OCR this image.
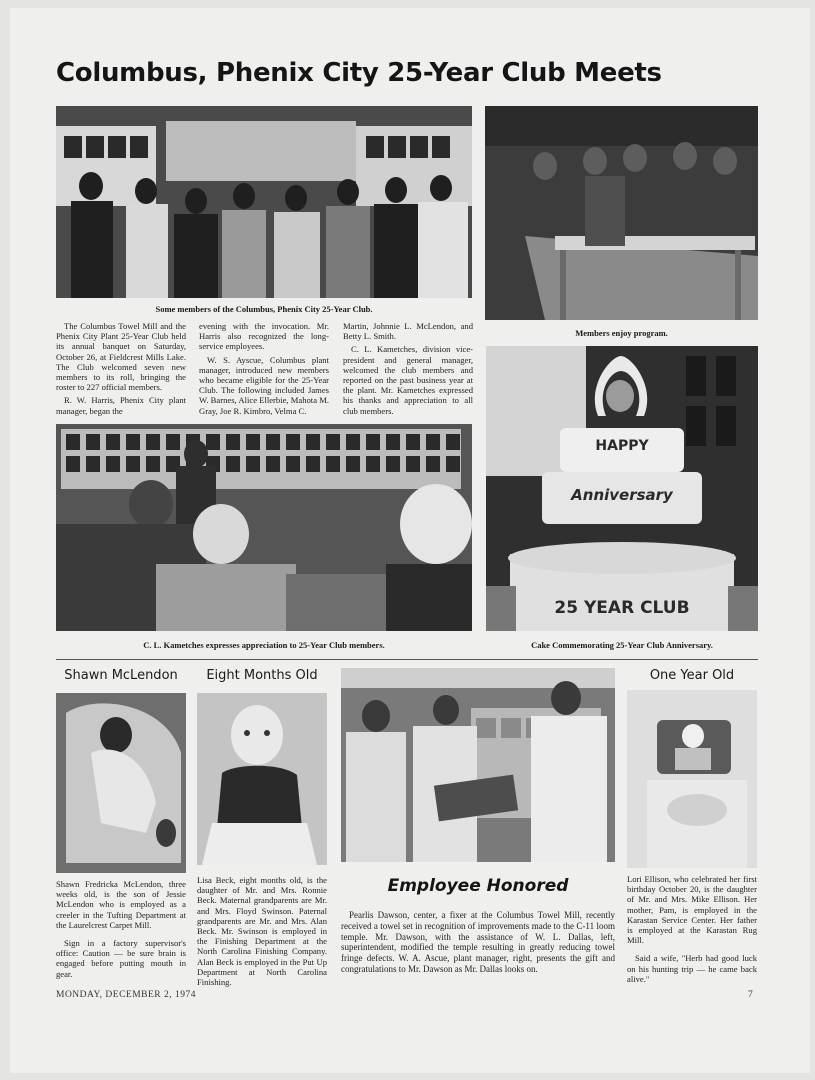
Columbus, Phenix City 25-Year Club Meets
Some members of the Columbus, Phenix City 25-Year Club.
Members enjoy program.

The Columbus Towel Mill and the Phenix City Plant 25-Year Club held its annual banquet on Saturday, October 26, at Fieldcrest Mills Lake. The Club welcomed seven new members to its roll, bringing the roster to 227 official members.

R. W. Harris, Phenix City plant manager, began the

evening with the invocation. Mr. Harris also recognized the long-service employees.

W. S. Ayscue, Columbus plant manager, introduced new members who became eligible for the 25-Year Club. The following included James W. Barnes, Alice Ellerbie, Mahota M. Gray, Joe R. Kimbro, Velma C.

Martin, Johnnie L. McLendon, and Betty L. Smith.

C. L. Kametches, division vice-president and general manager, welcomed the club members and reported on the past business year at the plant. Mr. Kametches expressed his thanks and appreciation to all club members.

C. L. Kametches expresses appreciation to 25-Year Club members.
HAPPY
Anniversary
25 YEAR CLUB
Cake Commemorating 25-Year Club Anniversary.
Shawn McLendon	Eight Months Old	One Year Old

Shawn Fredricka McLendon, three weeks old, is the son of Jessie McLendon who is employed as a creeler in the Tufting Department at the Laurelcrest Carpet Mill.

Sign in a factory supervisor's office: Caution — be sure brain is engaged before putting mouth in gear.

Lisa Beck, eight months old, is the daughter of Mr. and Mrs. Ronnie Beck. Maternal grandparents are Mr. and Mrs. Floyd Swinson. Paternal grandparents are Mr. and Mrs. Alan Beck. Mr. Swinson is employed in the Finishing Department at the North Carolina Finishing Company. Alan Beck is employed in the Put Up Department at North Carolina Finishing.

Employee Honored

Pearlis Dawson, center, a fixer at the Columbus Towel Mill, recently received a towel set in recognition of improvements made to the C-11 loom temple. Mr. Dawson, with the assistance of W. L. Dallas, left, superintendent, modified the temple resulting in greatly reducing towel fringe defects. W. A. Ascue, plant manager, right, presents the gift and congratulations to Mr. Dawson as Mr. Dallas looks on.

Lori Ellison, who celebrated her first birthday October 20, is the daughter of Mr. and Mrs. Mike Ellison. Her mother, Pam, is employed in the Karastan Service Center. Her father is employed at the Karastan Rug Mill.

Said a wife, "Herb had good luck on his hunting trip — he came back alive."

MONDAY, DECEMBER 2, 1974	7
